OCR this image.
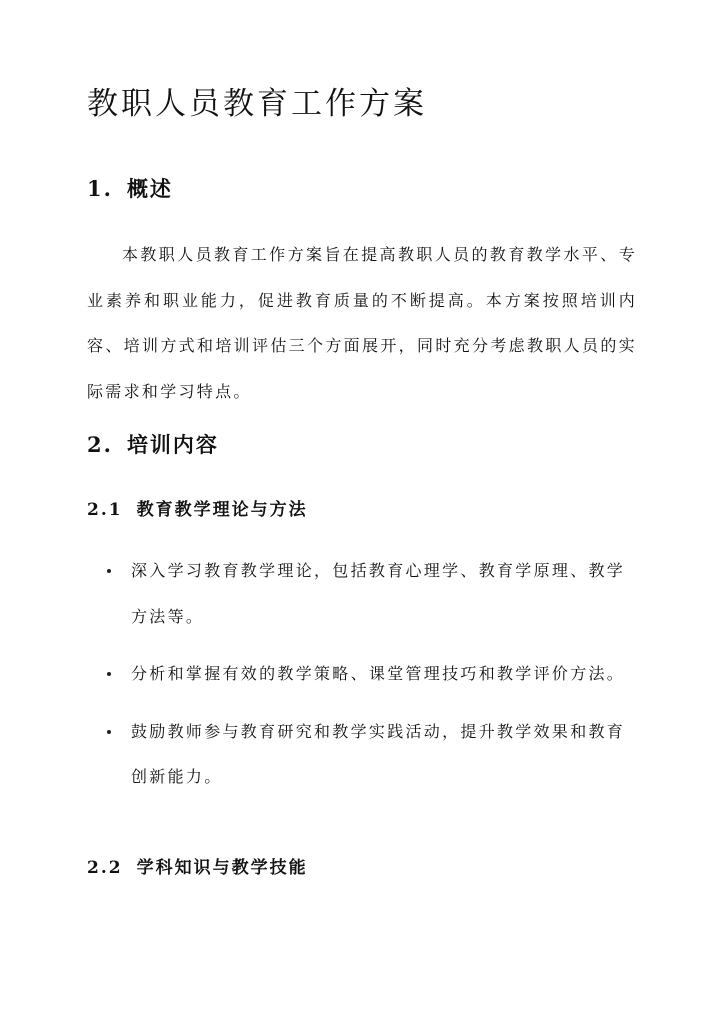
教职人员教育工作方案
1. 概述

本教职人员教育工作方案旨在提高教职人员的教育教学水平、专业素养和职业能力，促进教育质量的不断提高。本方案按照培训内容、培训方式和培训评估三个方面展开，同时充分考虑教职人员的实际需求和学习特点。

2. 培训内容
2.1 教育教学理论与方法
深入学习教育教学理论，包括教育心理学、教育学原理、教学方法等。
分析和掌握有效的教学策略、课堂管理技巧和教学评价方法。
鼓励教师参与教育研究和教学实践活动，提升教学效果和教育创新能力。
2.2 学科知识与教学技能
